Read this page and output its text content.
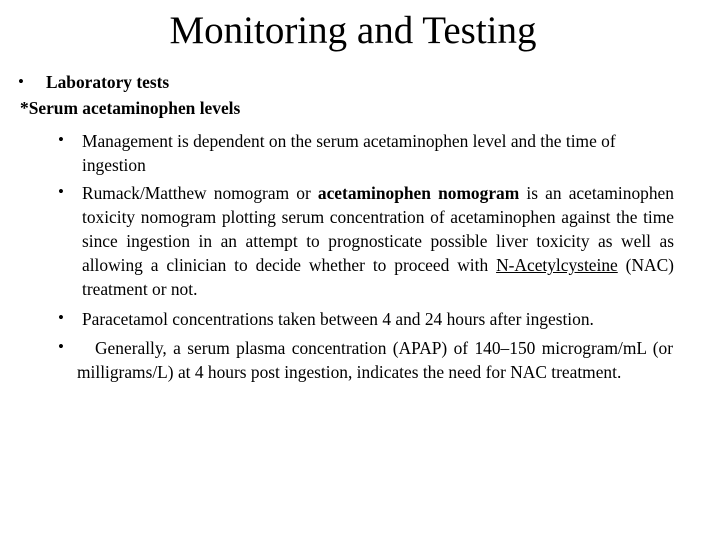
Monitoring and Testing
• Laboratory tests
*Serum acetaminophen levels
• Management is dependent on the serum acetaminophen level and the time of ingestion
• Rumack/Matthew nomogram or acetaminophen nomogram is an acetaminophen toxicity nomogram plotting serum concentration of acetaminophen against the time since ingestion in an attempt to prognosticate possible liver toxicity as well as allowing a clinician to decide whether to proceed with N-Acetylcysteine (NAC) treatment or not.
• Paracetamol concentrations taken between 4 and 24 hours after ingestion.
•	Generally, a serum plasma concentration (APAP) of 140–150 microgram/mL (or milligrams/L) at 4 hours post ingestion, indicates the need for NAC treatment.
